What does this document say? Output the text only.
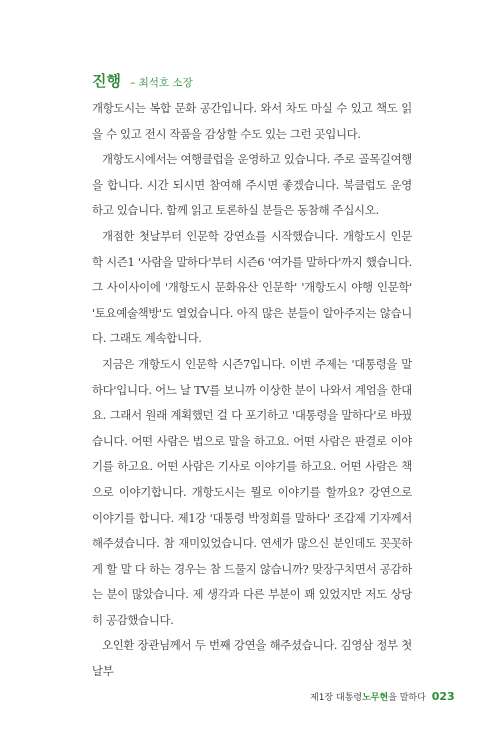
진행 – 최석호 소장

개항도시는 복합 문화 공간입니다. 와서 차도 마실 수 있고 책도 읽을 수 있고 전시 작품을 감상할 수도 있는 그런 곳입니다.

개항도시에서는 여행클럽을 운영하고 있습니다. 주로 골목길여행을 합니다. 시간 되시면 참여해 주시면 좋겠습니다. 북클럽도 운영하고 있습니다. 함께 읽고 토론하실 분들은 동참해 주십시오.

개점한 첫날부터 인문학 강연쇼를 시작했습니다. 개항도시 인문학 시즌1 '사람을 말하다'부터 시즌6 '여가를 말하다'까지 했습니다. 그 사이사이에 '개항도시 문화유산 인문학' '개항도시 야행 인문학' '토요예술책방'도 열었습니다. 아직 많은 분들이 알아주지는 않습니다. 그래도 계속합니다.

지금은 개항도시 인문학 시즌7입니다. 이번 주제는 '대통령을 말하다'입니다. 어느 날 TV를 보니까 이상한 분이 나와서 계엄을 한대요. 그래서 원래 계획했던 걸 다 포기하고 '대통령을 말하다'로 바꿨습니다. 어떤 사람은 법으로 말을 하고요. 어떤 사람은 판결로 이야기를 하고요. 어떤 사람은 기사로 이야기를 하고요. 어떤 사람은 책으로 이야기합니다. 개항도시는 뭘로 이야기를 할까요? 강연으로 이야기를 합니다. 제1강 '대통령 박정희를 말하다' 조갑제 기자께서 해주셨습니다. 참 재미있었습니다. 연세가 많으신 분인데도 꼿꼿하게 할 말 다 하는 경우는 참 드물지 않습니까? 맞장구치면서 공감하는 분이 많았습니다. 제 생각과 다른 부분이 꽤 있었지만 저도 상당히 공감했습니다.

오인환 장관님께서 두 번째 강연을 해주셨습니다. 김영삼 정부 첫날부

제1장 대통령노무현을 말하다 023
